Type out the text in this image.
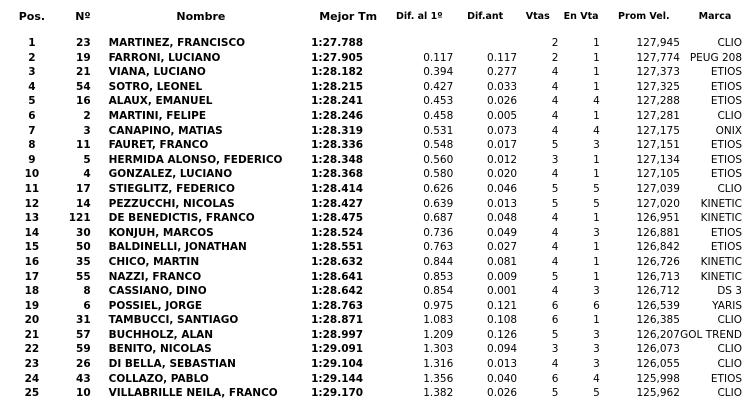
Pos.	Nº	Nombre	Mejor Tm	Dif. al 1º	Dif.ant	Vtas	En Vta	Prom Vel.	Marca
1	23	MARTINEZ, FRANCISCO	1:27.788			2	1	127,945	CLIO
2	19	FARRONI, LUCIANO	1:27.905	0.117	0.117	2	1	127,774	PEUG 208
3	21	VIANA, LUCIANO	1:28.182	0.394	0.277	4	1	127,373	ETIOS
4	54	SOTRO, LEONEL	1:28.215	0.427	0.033	4	1	127,325	ETIOS
5	16	ALAUX, EMANUEL	1:28.241	0.453	0.026	4	4	127,288	ETIOS
6	2	MARTINI, FELIPE	1:28.246	0.458	0.005	4	1	127,281	CLIO
7	3	CANAPINO, MATIAS	1:28.319	0.531	0.073	4	4	127,175	ONIX
8	11	FAURET, FRANCO	1:28.336	0.548	0.017	5	3	127,151	ETIOS
9	5	HERMIDA ALONSO, FEDERICO	1:28.348	0.560	0.012	3	1	127,134	ETIOS
10	4	GONZALEZ, LUCIANO	1:28.368	0.580	0.020	4	1	127,105	ETIOS
11	17	STIEGLITZ, FEDERICO	1:28.414	0.626	0.046	5	5	127,039	CLIO
12	14	PEZZUCCHI, NICOLAS	1:28.427	0.639	0.013	5	5	127,020	KINETIC
13	121	DE BENEDICTIS, FRANCO	1:28.475	0.687	0.048	4	1	126,951	KINETIC
14	30	KONJUH, MARCOS	1:28.524	0.736	0.049	4	3	126,881	ETIOS
15	50	BALDINELLI, JONATHAN	1:28.551	0.763	0.027	4	1	126,842	ETIOS
16	35	CHICO, MARTIN	1:28.632	0.844	0.081	4	1	126,726	KINETIC
17	55	NAZZI, FRANCO	1:28.641	0.853	0.009	5	1	126,713	KINETIC
18	8	CASSIANO, DINO	1:28.642	0.854	0.001	4	3	126,712	DS 3
19	6	POSSIEL, JORGE	1:28.763	0.975	0.121	6	6	126,539	YARIS
20	31	TAMBUCCI, SANTIAGO	1:28.871	1.083	0.108	6	1	126,385	CLIO
21	57	BUCHHOLZ, ALAN	1:28.997	1.209	0.126	5	3	126,207	GOL TREND
22	59	BENITO, NICOLAS	1:29.091	1.303	0.094	3	3	126,073	CLIO
23	26	DI BELLA, SEBASTIAN	1:29.104	1.316	0.013	4	3	126,055	CLIO
24	43	COLLAZO, PABLO	1:29.144	1.356	0.040	6	4	125,998	ETIOS
25	10	VILLABRILLE NEILA, FRANCO	1:29.170	1.382	0.026	5	5	125,962	CLIO
